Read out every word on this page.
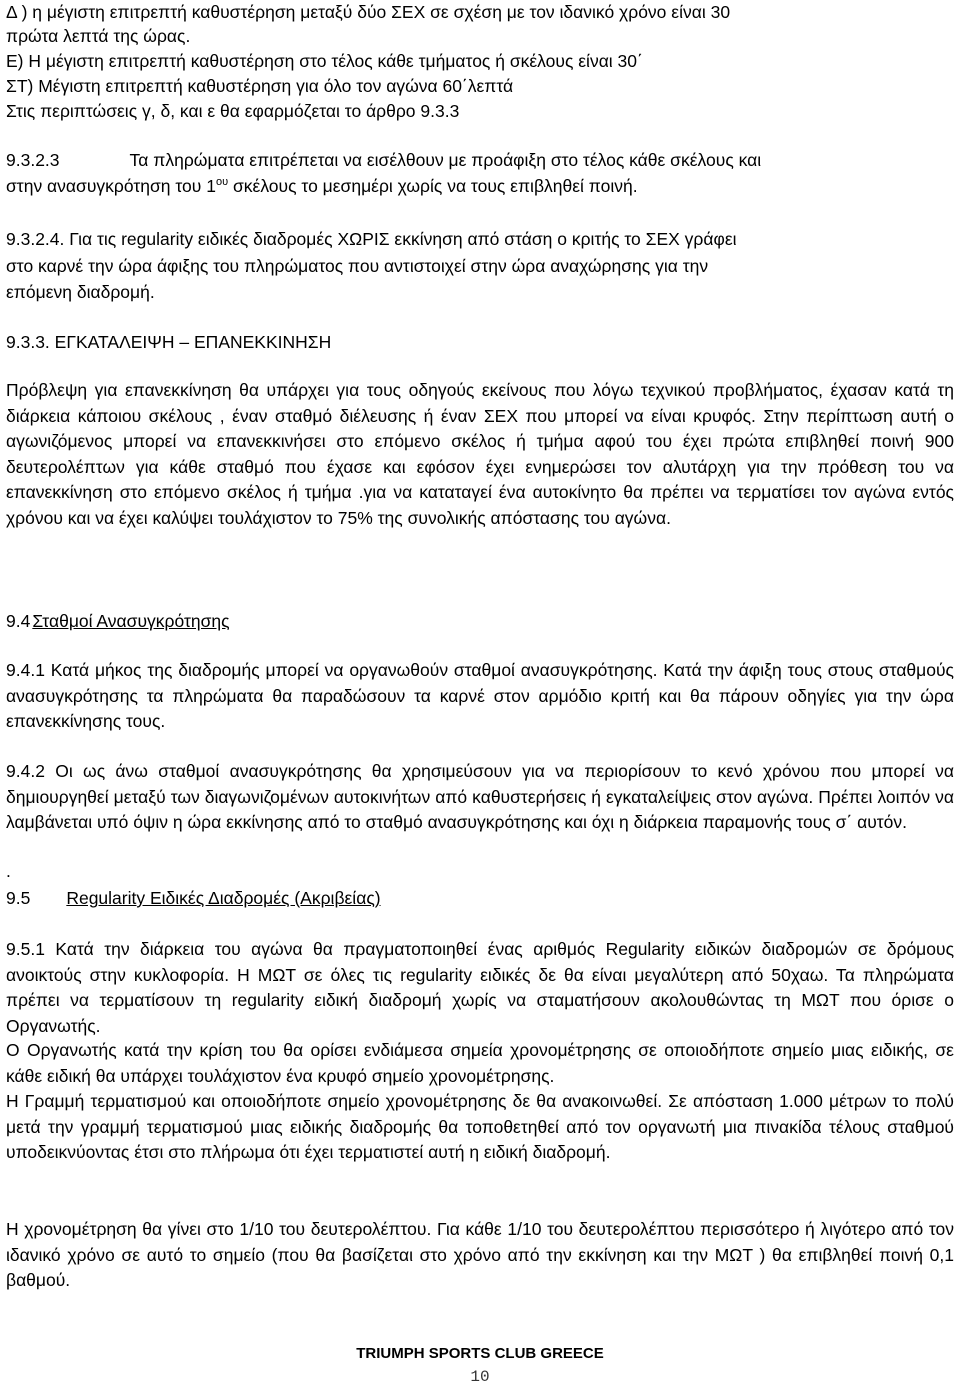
Δ ) η μέγιστη επιτρεπτή καθυστέρηση μεταξύ δύο ΣΕΧ σε σχέση με τον ιδανικό χρόνο είναι 30
πρώτα λεπτά της ώρας.
Ε) Η μέγιστη επιτρεπτή καθυστέρηση στο τέλος κάθε τμήματος ή σκέλους είναι 30΄
ΣΤ) Μέγιστη επιτρεπτή καθυστέρηση για όλο τον αγώνα 60΄λεπτά
Στις περιπτώσεις γ, δ, και ε θα εφαρμόζεται το άρθρο 9.3.3
9.3.2.3	Τα πληρώματα επιτρέπεται να εισέλθουν με προάφιξη στο τέλος κάθε σκέλους και
στην ανασυγκρότηση του $1^{o\upsilon}$ σκέλους το μεσημέρι χωρίς να τους επιβληθεί ποινή.
9.3.2.4. Για τις regularity ειδικές διαδρομές ΧΩΡΙΣ εκκίνηση από στάση ο κριτής το ΣΕΧ γράφει
στο καρνέ την ώρα άφιξης του πληρώματος που αντιστοιχεί στην ώρα αναχώρησης για την
επόμενη διαδρομή.
9.3.3. ΕΓΚΑΤΑΛΕΙΨΗ – ΕΠΑΝΕΚΚΙΝΗΣΗ
Πρόβλεψη για επανεκκίνηση θα υπάρχει για τους οδηγούς εκείνους που λόγω τεχνικού προβλήματος, έχασαν κατά τη διάρκεια κάποιου σκέλους , έναν σταθμό διέλευσης ή έναν ΣΕΧ που μπορεί να είναι κρυφός. Στην περίπτωση αυτή ο αγωνιζόμενος μπορεί να επανεκκινήσει στο επόμενο σκέλος ή τμήμα αφού του έχει πρώτα επιβληθεί ποινή 900 δευτερολέπτων για κάθε σταθμό που έχασε και εφόσον έχει ενημερώσει τον αλυτάρχη για την πρόθεση του να επανεκκίνηση στο επόμενο σκέλος ή τμήμα .για να καταταγεί ένα αυτοκίνητο θα πρέπει να τερματίσει τον αγώνα εντός χρόνου και να έχει καλύψει τουλάχιστον το 75% της συνολικής απόστασης του αγώνα.
9.4 Σταθμοί Ανασυγκρότησης
9.4.1 Κατά μήκος της διαδρομής μπορεί να οργανωθούν σταθμοί ανασυγκρότησης. Κατά την άφιξη τους στους σταθμούς ανασυγκρότησης τα πληρώματα θα παραδώσουν τα καρνέ στον αρμόδιο κριτή και θα πάρουν οδηγίες για την ώρα επανεκκίνησης τους.
9.4.2 Οι ως άνω σταθμοί ανασυγκρότησης θα χρησιμεύσουν για να περιορίσουν το κενό χρόνου που μπορεί να δημιουργηθεί μεταξύ των διαγωνιζομένων αυτοκινήτων από καθυστερήσεις ή εγκαταλείψεις στον αγώνα. Πρέπει λοιπόν να λαμβάνεται υπό όψιν η ώρα εκκίνησης από το σταθμό ανασυγκρότησης και όχι η διάρκεια παραμονής τους σ΄ αυτόν.
.
9.5 Regularity Ειδικές Διαδρομές (Ακριβείας)
9.5.1 Κατά την διάρκεια του αγώνα θα πραγματοποιηθεί ένας αριθμός Regularity ειδικών διαδρομών σε δρόμους ανοικτούς στην κυκλοφορία. Η ΜΩΤ σε όλες τις regularity ειδικές δε θα είναι μεγαλύτερη από 50χαω. Τα πληρώματα πρέπει να τερματίσουν τη regularity ειδική διαδρομή χωρίς να σταματήσουν ακολουθώντας τη ΜΩΤ που όρισε ο Οργανωτής.
Ο Οργανωτής κατά την κρίση του θα ορίσει ενδιάμεσα σημεία χρονομέτρησης σε οποιοδήποτε σημείο μιας ειδικής, σε κάθε ειδική θα υπάρχει τουλάχιστον ένα κρυφό σημείο χρονομέτρησης.
Η Γραμμή τερματισμού και οποιοδήποτε σημείο χρονομέτρησης δε θα ανακοινωθεί. Σε απόσταση 1.000 μέτρων το πολύ μετά την γραμμή τερματισμού μιας ειδικής διαδρομής θα τοποθετηθεί από τον οργανωτή μια πινακίδα τέλους σταθμού υποδεικνύοντας έτσι στο πλήρωμα ότι έχει τερματιστεί αυτή η ειδική διαδρομή.
Η χρονομέτρηση θα γίνει στο 1/10 του δευτερολέπτου. Για κάθε 1/10 του δευτερολέπτου περισσότερο ή λιγότερο από τον ιδανικό χρόνο σε αυτό το σημείο (που θα βασίζεται στο χρόνο από την εκκίνηση και την ΜΩΤ ) θα επιβληθεί ποινή 0,1 βαθμού.
TRIUMPH SPORTS CLUB GREECE
10
